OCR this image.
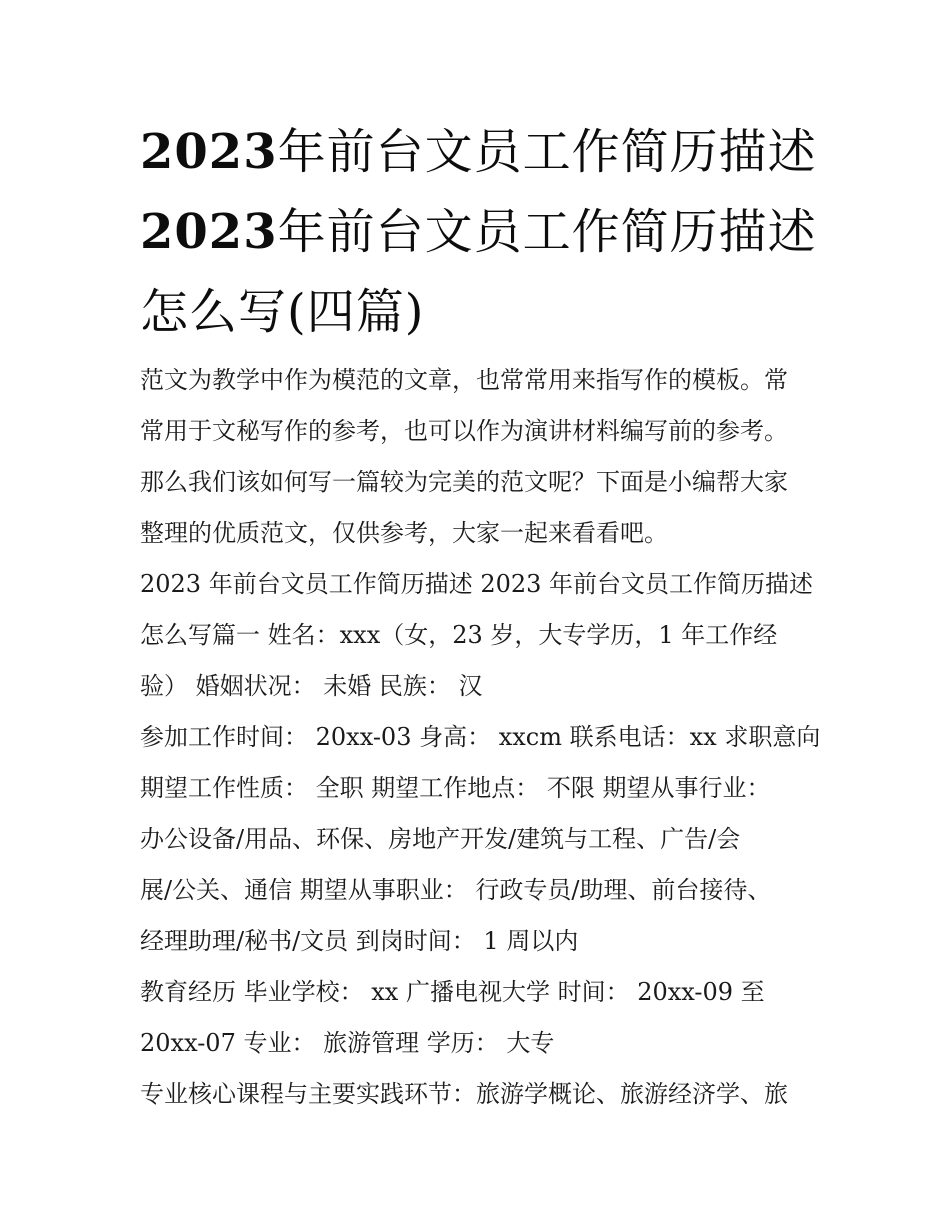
2023年前台文员工作简历描述
2023年前台文员工作简历描述
怎么写(四篇)

范文为教学中作为模范的文章，也常常用来指写作的模板。常
常用于文秘写作的参考，也可以作为演讲材料编写前的参考。
那么我们该如何写一篇较为完美的范文呢？下面是小编帮大家
整理的优质范文，仅供参考，大家一起来看看吧。

2023 年前台文员工作简历描述 2023 年前台文员工作简历描述
怎么写篇一 姓名：xxx（女，23 岁，大专学历，1 年工作经
验） 婚姻状况： 未婚 民族： 汉

参加工作时间： 20xx-03 身高： xxcm 联系电话：xx 求职意向
期望工作性质： 全职 期望工作地点： 不限 期望从事行业：
办公设备/用品、环保、房地产开发/建筑与工程、广告/会
展/公关、通信 期望从事职业： 行政专员/助理、前台接待、
经理助理/秘书/文员 到岗时间： 1 周以内

教育经历 毕业学校： xx 广播电视大学 时间： 20xx-09 至
20xx-07 专业： 旅游管理 学历： 大专

专业核心课程与主要实践环节：旅游学概论、旅游经济学、旅
